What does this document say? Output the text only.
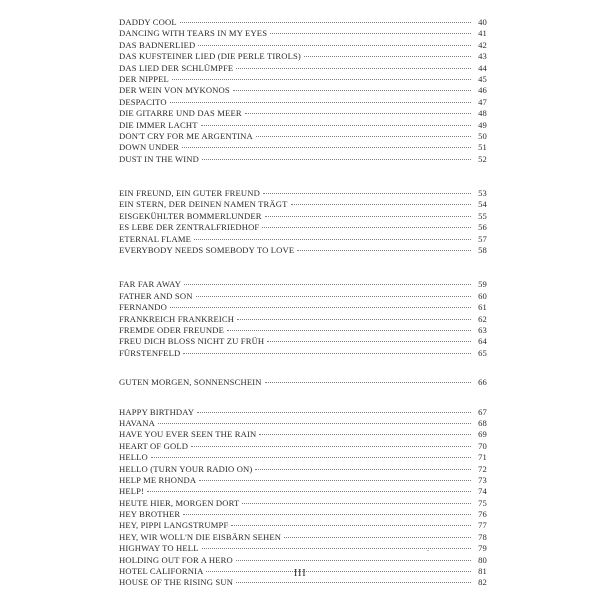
DADDY COOL	40
DANCING WITH TEARS IN MY EYES	41
DAS BADNERLIED	42
DAS KUFSTEINER LIED (DIE PERLE TIROLS)	43
DAS LIED DER SCHLÜMPFE	44
DER NIPPEL	45
DER WEIN VON MYKONOS	46
DESPACITO	47
DIE GITARRE UND DAS MEER	48
DIE IMMER LACHT	49
DON'T CRY FOR ME ARGENTINA	50
DOWN UNDER	51
DUST IN THE WIND	52
EIN FREUND, EIN GUTER FREUND	53
EIN STERN, DER DEINEN NAMEN TRÄGT	54
EISGEKÜHLTER BOMMERLUNDER	55
ES LEBE DER ZENTRALFRIEDHOF	56
ETERNAL FLAME	57
EVERYBODY NEEDS SOMEBODY TO LOVE	58
FAR FAR AWAY	59
FATHER AND SON	60
FERNANDO	61
FRANKREICH FRANKREICH	62
FREMDE ODER FREUNDE	63
FREU DICH BLOSS NICHT ZU FRÜH	64
FÜRSTENFELD	65
GUTEN MORGEN, SONNENSCHEIN	66
HAPPY BIRTHDAY	67
HAVANA	68
HAVE YOU EVER SEEN THE RAIN	69
HEART OF GOLD	70
HELLO	71
HELLO (TURN YOUR RADIO ON)	72
HELP ME RHONDA	73
HELP!	74
HEUTE HIER, MORGEN DORT	75
HEY BROTHER	76
HEY, PIPPI LANGSTRUMPF	77
HEY, WIR WOLL'N DIE EISBÄRN SEHEN	78
HIGHWAY TO HELL	79
HOLDING OUT FOR A HERO	80
HOTEL CALIFORNIA	81
HOUSE OF THE RISING SUN	82
III
